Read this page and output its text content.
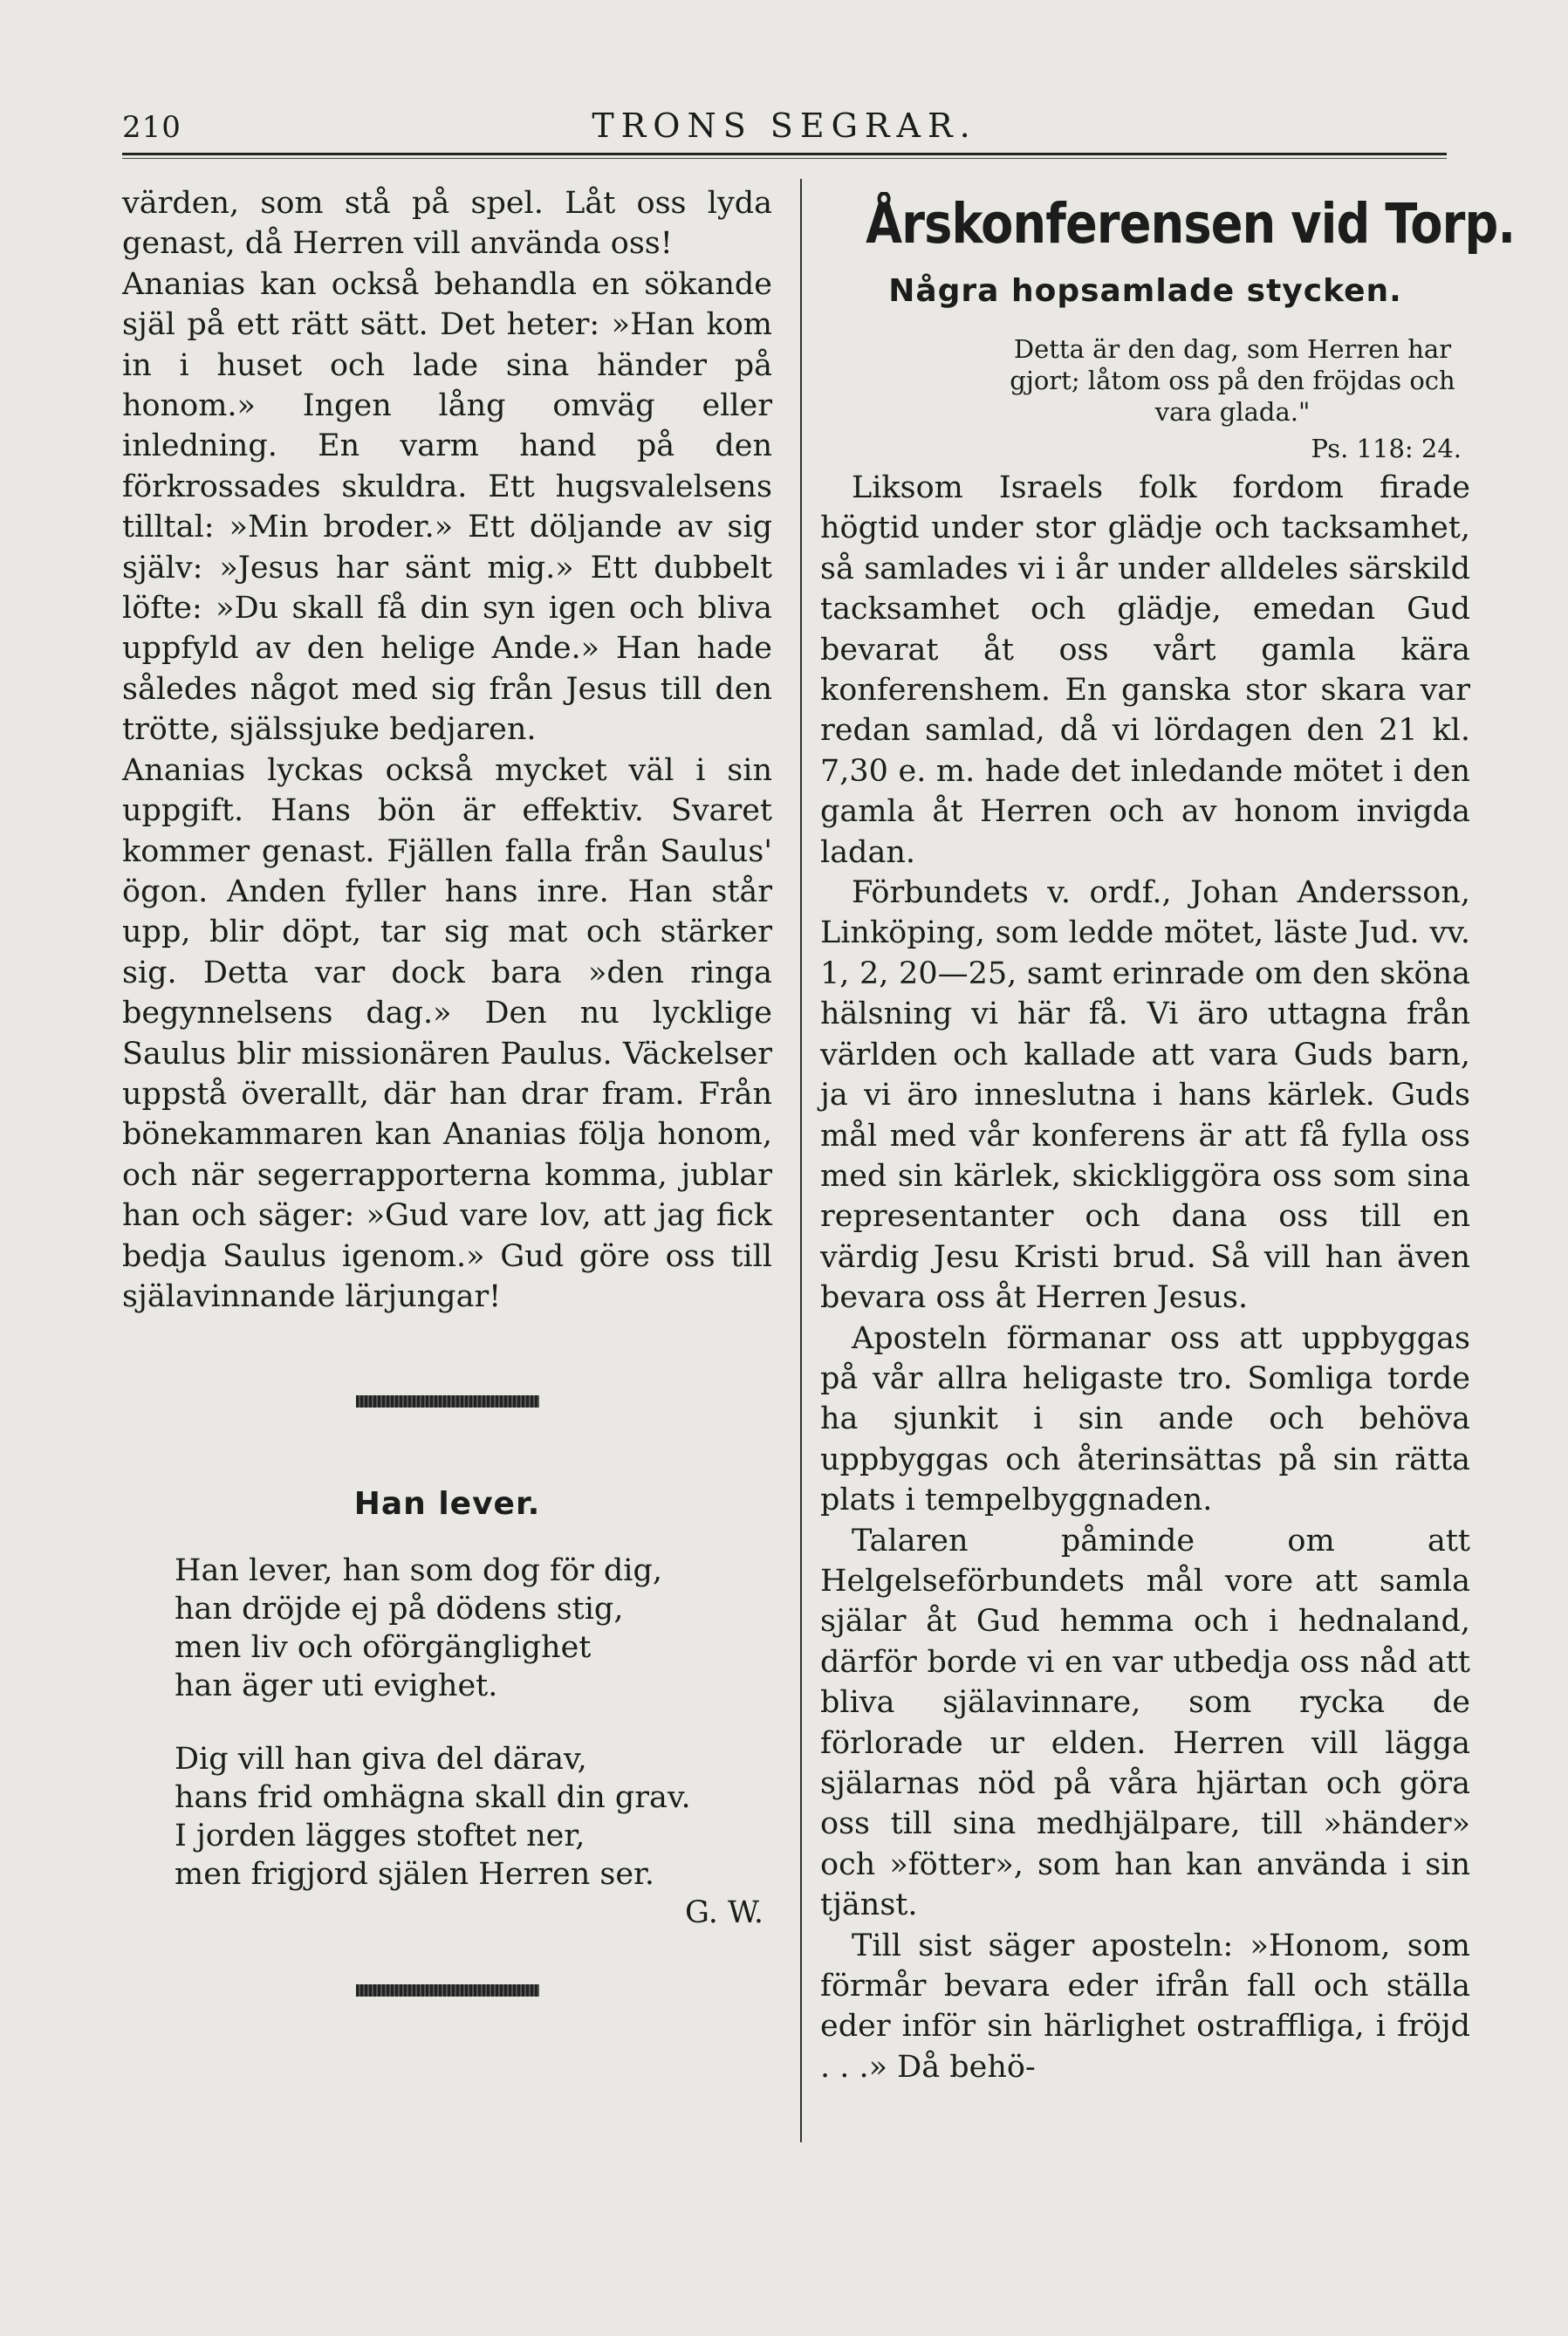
210	TRONS SEGRAR.

värden, som stå på spel. Låt oss lyda genast, då Herren vill använda oss!

Ananias kan också behandla en sökande själ på ett rätt sätt. Det heter: »Han kom in i huset och lade sina händer på honom.» Ingen lång omväg eller inledning. En varm hand på den förkrossades skuldra. Ett hugsvalelsens tilltal: »Min broder.» Ett döljande av sig själv: »Jesus har sänt mig.» Ett dubbelt löfte: »Du skall få din syn igen och bliva uppfyld av den helige Ande.» Han hade således något med sig från Jesus till den trötte, själssjuke bedjaren.

Ananias lyckas också mycket väl i sin uppgift. Hans bön är effektiv. Svaret kommer genast. Fjällen falla från Saulus' ögon. Anden fyller hans inre. Han står upp, blir döpt, tar sig mat och stärker sig. Detta var dock bara »den ringa begynnelsens dag.» Den nu lycklige Saulus blir missionären Paulus. Väckelser uppstå överallt, där han drar fram. Från bönekammaren kan Ananias följa honom, och när segerrapporterna komma, jublar han och säger: »Gud vare lov, att jag fick bedja Saulus igenom.» Gud göre oss till själavinnande lärjungar!

Han lever.

Han lever, han som dog för dig,
han dröjde ej på dödens stig,
men liv och oförgänglighet
han äger uti evighet.
Dig vill han giva del därav,
hans frid omhägna skall din grav.
I jorden lägges stoftet ner,
men frigjord själen Herren ser.
G. W.
Årskonferensen vid Torp.
Några hopsamlade stycken.

Detta är den dag, som Herren har gjort; låtom oss på den fröjdas och vara glada."

Ps. 118: 24.

Liksom Israels folk fordom firade högtid under stor glädje och tacksamhet, så samlades vi i år under alldeles särskild tacksamhet och glädje, emedan Gud bevarat åt oss vårt gamla kära konferenshem. En ganska stor skara var redan samlad, då vi lördagen den 21 kl. 7,30 e. m. hade det inledande mötet i den gamla åt Herren och av honom invigda ladan.

Förbundets v. ordf., Johan Andersson, Linköping, som ledde mötet, läste Jud. vv. 1, 2, 20—25, samt erinrade om den sköna hälsning vi här få. Vi äro uttagna från världen och kallade att vara Guds barn, ja vi äro inneslutna i hans kärlek. Guds mål med vår konferens är att få fylla oss med sin kärlek, skickliggöra oss som sina representanter och dana oss till en värdig Jesu Kristi brud. Så vill han även bevara oss åt Herren Jesus.

Aposteln förmanar oss att uppbyggas på vår allra heligaste tro. Somliga torde ha sjunkit i sin ande och behöva uppbyggas och återinsättas på sin rätta plats i tempelbyggnaden.

Talaren påminde om att Helgelseförbundets mål vore att samla själar åt Gud hemma och i hednaland, därför borde vi en var utbedja oss nåd att bliva själavinnare, som rycka de förlorade ur elden. Herren vill lägga själarnas nöd på våra hjärtan och göra oss till sina medhjälpare, till »händer» och »fötter», som han kan använda i sin tjänst.

Till sist säger aposteln: »Honom, som förmår bevara eder ifrån fall och ställa eder inför sin härlighet ostraffliga, i fröjd . . .» Då behö-
